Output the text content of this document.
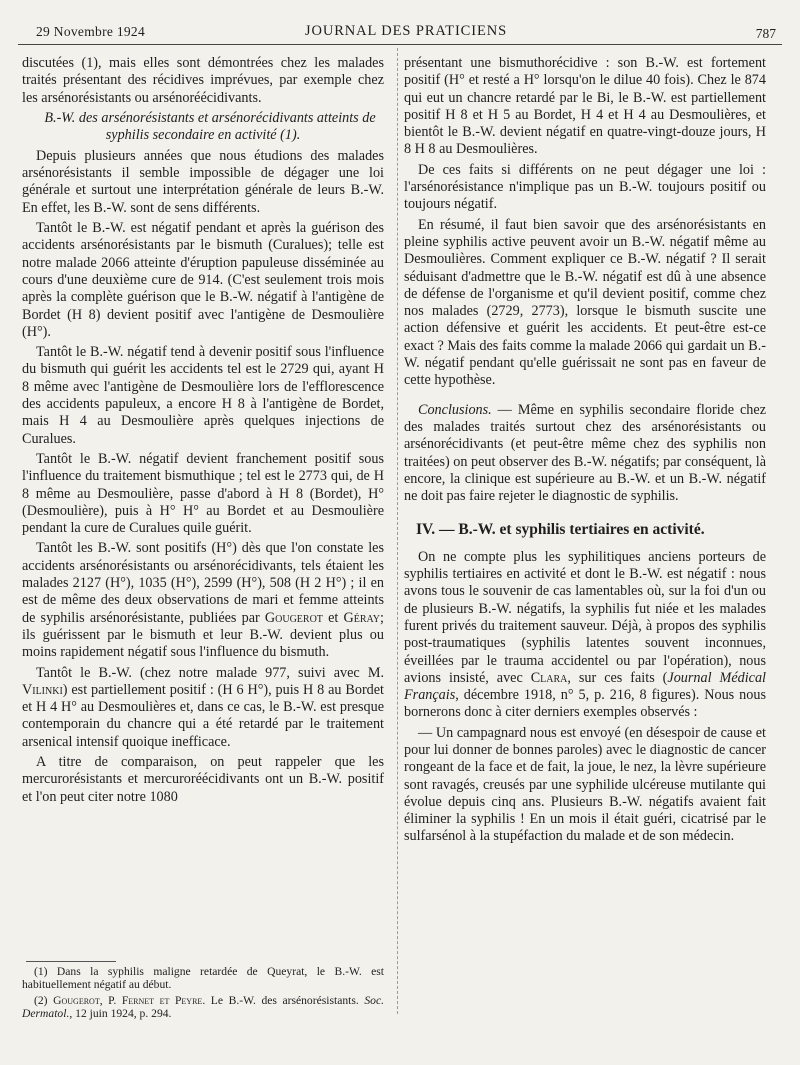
29 Novembre 1924	JOURNAL DES PRATICIENS	787

discutées (1), mais elles sont démontrées chez les malades traités présentant des récidives imprévues, par exemple chez les arsénorésistants ou arsénoréécidivants.

B.-W. des arsénorésistants et arsénorécidivants atteints de syphilis secondaire en activité (1).

Depuis plusieurs années que nous étudions des malades arsénorésistants il semble impossible de dégager une loi générale et surtout une interprétation générale de leurs B.-W. En effet, les B.-W. sont de sens différents.

Tantôt le B.-W. est négatif pendant et après la guérison des accidents arsénorésistants par le bismuth (Curalues); telle est notre malade 2066 atteinte d'éruption papuleuse disséminée au cours d'une deuxième cure de 914. (C'est seulement trois mois après la complète guérison que le B.-W. négatif à l'antigène de Bordet (H 8) devient positif avec l'antigène de Desmoulière (H°).

Tantôt le B.-W. négatif tend à devenir positif sous l'influence du bismuth qui guérit les accidents tel est le 2729 qui, ayant H 8 même avec l'antigène de Desmoulière lors de l'efflorescence des accidents papuleux, a encore H 8 à l'antigène de Bordet, mais H 4 au Desmoulière après quelques injections de Curalues.

Tantôt le B.-W. négatif devient franchement positif sous l'influence du traitement bismuthique ; tel est le 2773 qui, de H 8 même au Desmoulière, passe d'abord à H 8 (Bordet), H° (Desmoulière), puis à H° H° au Bordet et au Desmoulière pendant la cure de Curalues quile guérit.

Tantôt les B.-W. sont positifs (H°) dès que l'on constate les accidents arsénorésistants ou arsénorécidivants, tels étaient les malades 2127 (H°), 1035 (H°), 2599 (H°), 508 (H 2 H°) ; il en est de même des deux observations de mari et femme atteints de syphilis arsénorésistante, publiées par Gougerot et Géray; ils guérissent par le bismuth et leur B.-W. devient plus ou moins rapidement négatif sous l'influence du bismuth.

Tantôt le B.-W. (chez notre malade 977, suivi avec M. Vilinki) est partiellement positif : (H 6 H°), puis H 8 au Bordet et H 4 H° au Desmoulières et, dans ce cas, le B.-W. est presque contemporain du chancre qui a été retardé par le traitement arsenical intensif quoique inefficace.

A titre de comparaison, on peut rappeler que les mercurorésistants et mercuroréécidivants ont un B.-W. positif et l'on peut citer notre 1080

(1) Dans la syphilis maligne retardée de Queyrat, le B.-W. est habituellement négatif au début.

(2) Gougerot, P. Fernet et Peyre. Le B.-W. des arsénorésistants. Soc. Dermatol., 12 juin 1924, p. 294.

présentant une bismuthorécidive : son B.-W. est fortement positif (H° et resté a H° lorsqu'on le dilue 40 fois). Chez le 874 qui eut un chancre retardé par le Bi, le B.-W. est partiellement positif H 8 et H 5 au Bordet, H 4 et H 4 au Desmoulières, et bientôt le B.-W. devient négatif en quatre-vingt-douze jours, H 8 H 8 au Desmoulières.

De ces faits si différents on ne peut dégager une loi : l'arsénorésistance n'implique pas un B.-W. toujours positif ou toujours négatif.

En résumé, il faut bien savoir que des arsénorésistants en pleine syphilis active peuvent avoir un B.-W. négatif même au Desmoulières. Comment expliquer ce B.-W. négatif ? Il serait séduisant d'admettre que le B.-W. négatif est dû à une absence de défense de l'organisme et qu'il devient positif, comme chez nos malades (2729, 2773), lorsque le bismuth suscite une action défensive et guérit les accidents. Et peut-être est-ce exact ? Mais des faits comme la malade 2066 qui gardait un B.-W. négatif pendant qu'elle guérissait ne sont pas en faveur de cette hypothèse.

Conclusions. — Même en syphilis secondaire floride chez des malades traités surtout chez des arsénorésistants ou arsénorécidivants (et peut-être même chez des syphilis non traitées) on peut observer des B.-W. négatifs; par conséquent, là encore, la clinique est supérieure au B.-W. et un B.-W. négatif ne doit pas faire rejeter le diagnostic de syphilis.

IV. — B.-W. et syphilis tertiaires en activité.

On ne compte plus les syphilitiques anciens porteurs de syphilis tertiaires en activité et dont le B.-W. est négatif : nous avons tous le souvenir de cas lamentables où, sur la foi d'un ou de plusieurs B.-W. négatifs, la syphilis fut niée et les malades furent privés du traitement sauveur. Déjà, à propos des syphilis post-traumatiques (syphilis latentes souvent inconnues, éveillées par le trauma accidentel ou par l'opération), nous avions insisté, avec Clara, sur ces faits (Journal Médical Français, décembre 1918, n° 5, p. 216, 8 figures). Nous nous bornerons donc à citer derniers exemples observés :

— Un campagnard nous est envoyé (en désespoir de cause et pour lui donner de bonnes paroles) avec le diagnostic de cancer rongeant de la face et de fait, la joue, le nez, la lèvre supérieure sont ravagés, creusés par une syphilide ulcéreuse mutilante qui évolue depuis cinq ans. Plusieurs B.-W. négatifs avaient fait éliminer la syphilis ! En un mois il était guéri, cicatrisé par le sulfarsénol à la stupéfaction du malade et de son médecin.
